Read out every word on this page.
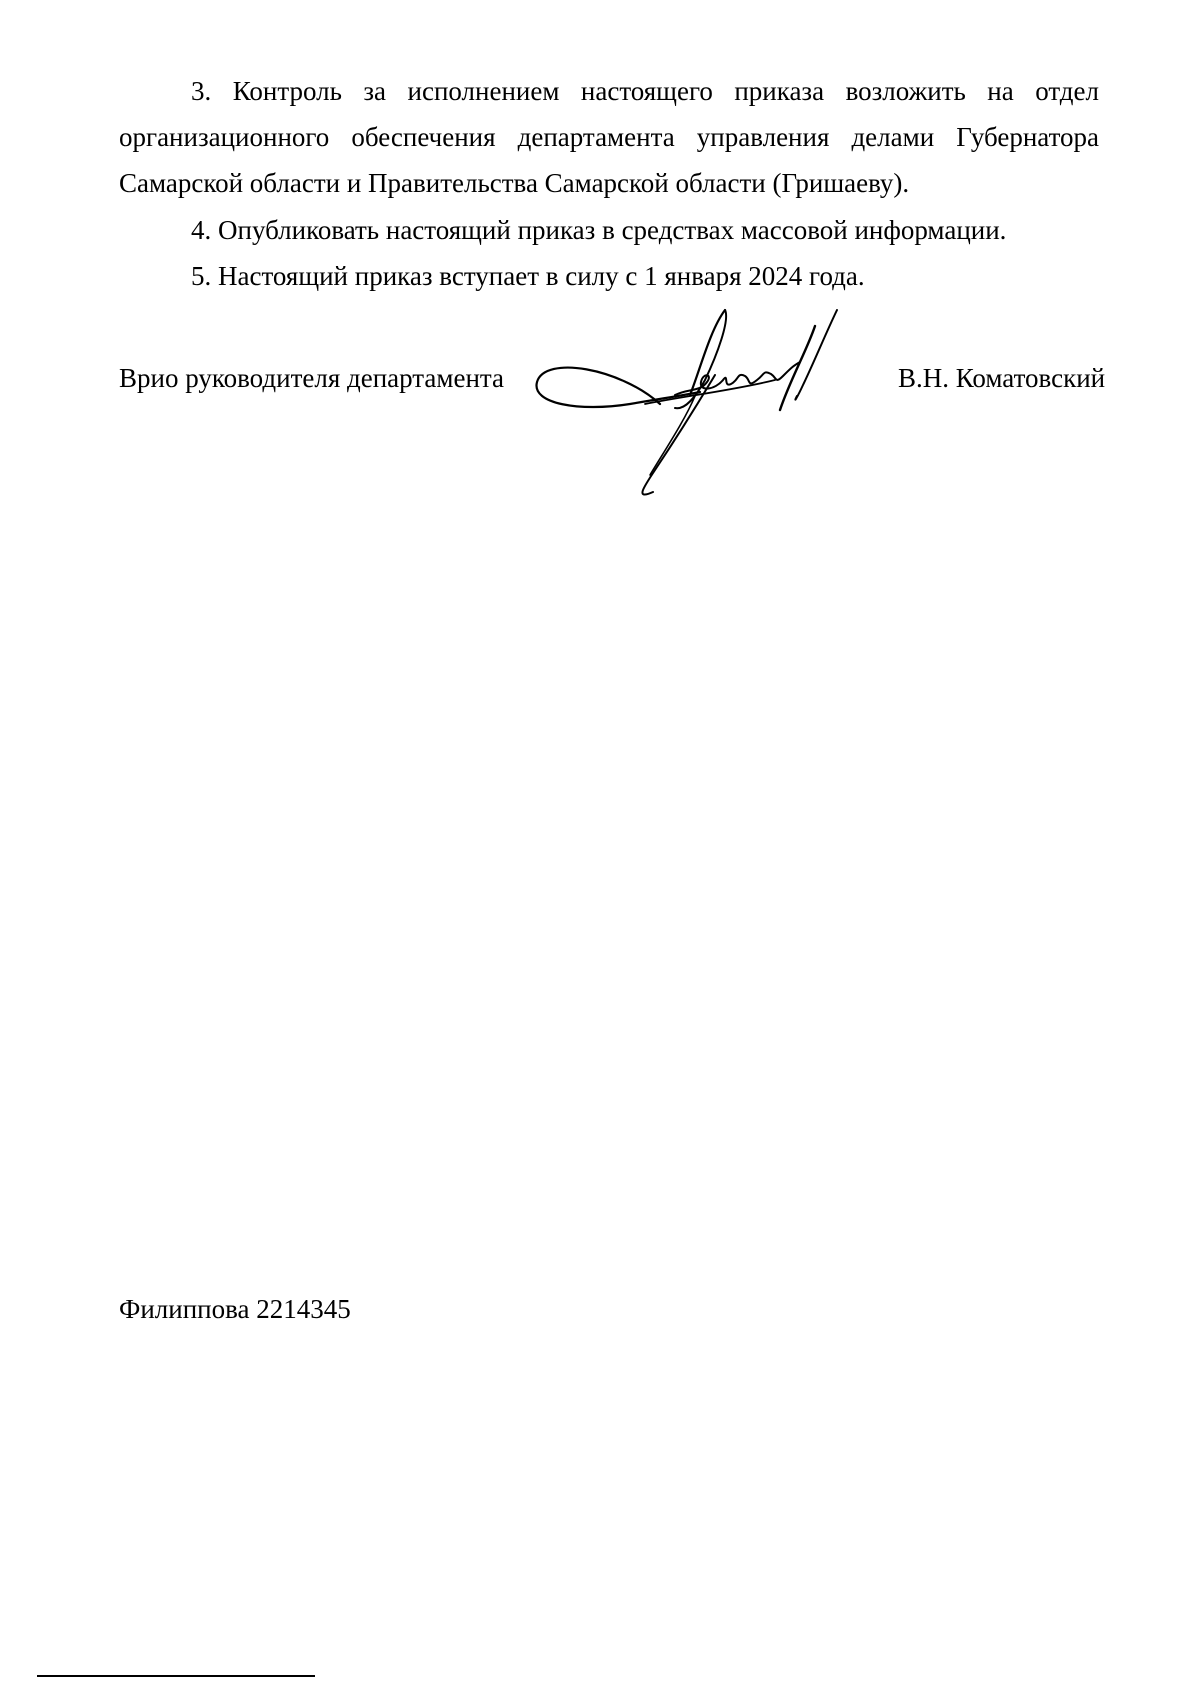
3. Контроль за исполнением настоящего приказа возложить на отдел организационного обеспечения департамента управления делами Губернатора Самарской области и Правительства Самарской области (Гришаеву).

4. Опубликовать настоящий приказ в средствах массовой информации.

5. Настоящий приказ вступает в силу с 1 января 2024 года.

Врио руководителя департамента	В.Н. Коматовский
Филиппова 2214345
